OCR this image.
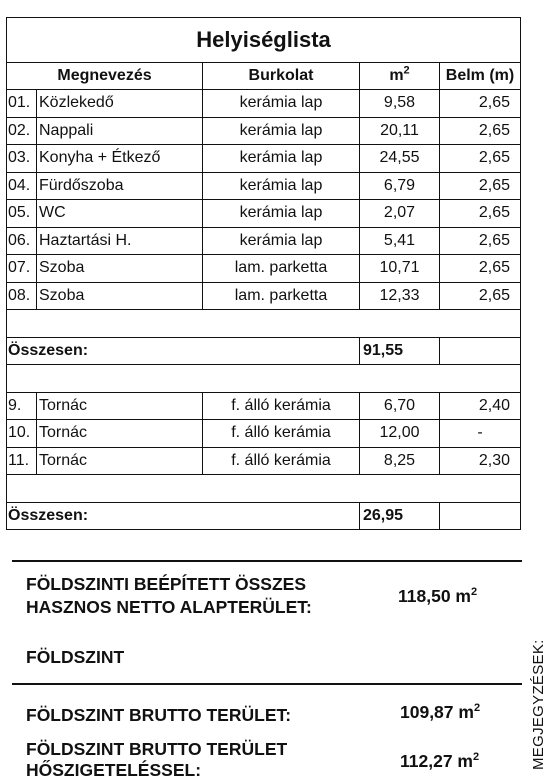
Helyiséglista			
Megnevezés	Burkolat	$m^2$	Belm (m)

01. Közlekedő	kerámia lap	9,58	2,65

02. Nappali	kerámia lap	20,11	2,65

03. Konyha + Étkező	kerámia lap	24,55	2,65

04. Fürdőszoba	kerámia lap	6,79	2,65

05. WC	kerámia lap	2,07	2,65

06. Haztartási H.	kerámia lap	5,41	2,65

07. Szoba	lam. parketta	10,71	2,65

08. Szoba	lam. parketta	12,33	2,65

Összesen:		91,55	

9. Tornác	f. álló kerámia	6,70	2,40

10. Tornác	f. álló kerámia	12,00	-

11. Tornác	f. álló kerámia	8,25	2,30

Összesen:		26,95	
FÖLDSZINTI BEÉPÍTETT ÖSSZES
HASZNOS NETTO ALAPTERÜLET:
118,50 $m^2$
FÖLDSZINT
FÖLDSZINT BRUTTO TERÜLET:	109,87 $m^2$
FÖLDSZINT BRUTTO TERÜLET
HŐSZIGETELÉSSEL:	112,27 $m^2$	MEGJEGYZÉSEK:
